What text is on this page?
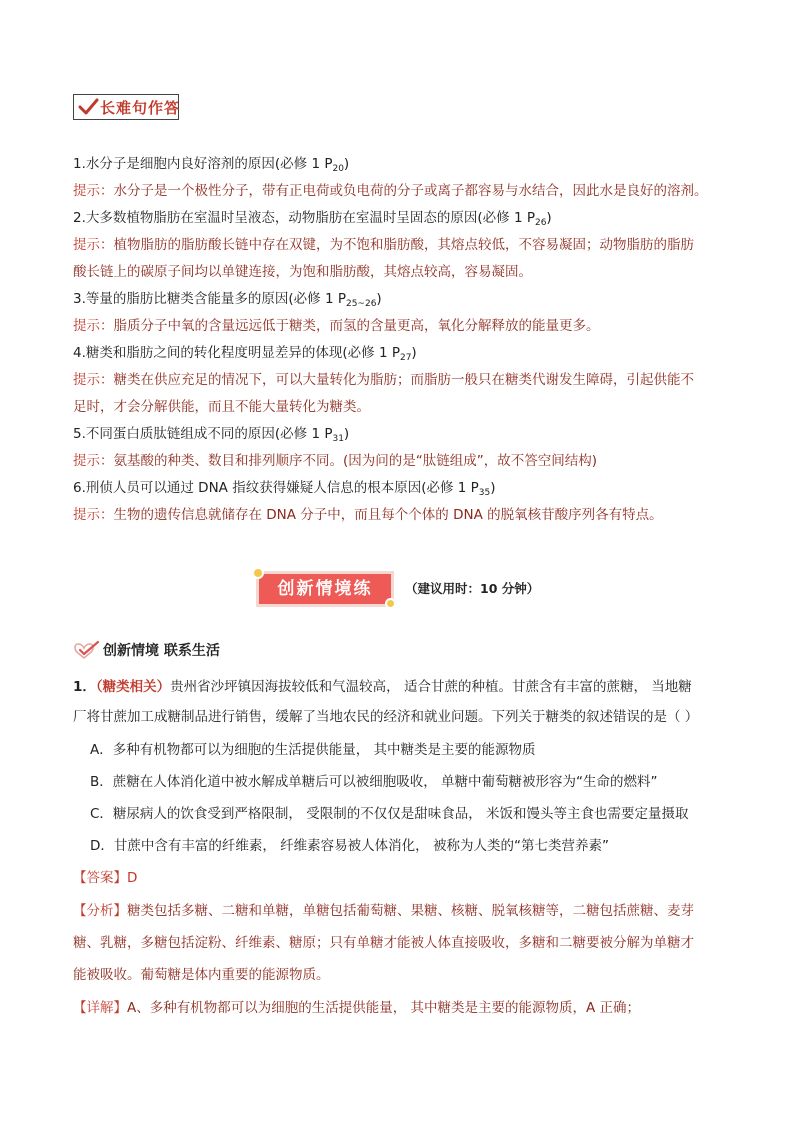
长难句作答
1.水分子是细胞内良好溶剂的原因(必修 1 $P_{20}$)
提示：水分子是一个极性分子，带有正电荷或负电荷的分子或离子都容易与水结合，因此水是良好的溶剂。
2.大多数植物脂肪在室温时呈液态，动物脂肪在室温时呈固态的原因(必修 1 $P_{26}$)
提示：植物脂肪的脂肪酸长链中存在双键，为不饱和脂肪酸，其熔点较低，不容易凝固；动物脂肪的脂肪
酸长链上的碳原子间均以单键连接，为饱和脂肪酸，其熔点较高，容易凝固。
3.等量的脂肪比糖类含能量多的原因(必修 1 $P_{25\sim 26}$)
提示：脂质分子中氧的含量远远低于糖类，而氢的含量更高，氧化分解释放的能量更多。
4.糖类和脂肪之间的转化程度明显差异的体现(必修 1 $P_{27}$)
提示：糖类在供应充足的情况下，可以大量转化为脂肪；而脂肪一般只在糖类代谢发生障碍，引起供能不
足时，才会分解供能，而且不能大量转化为糖类。
5.不同蛋白质肽链组成不同的原因(必修 1 $P_{31}$)
提示：氨基酸的种类、数目和排列顺序不同。(因为问的是“肽链组成”，故不答空间结构)
6.刑侦人员可以通过 DNA 指纹获得嫌疑人信息的根本原因(必修 1 $P_{35}$)
提示：生物的遗传信息就储存在 DNA 分子中，而且每个个体的 DNA 的脱氧核苷酸序列各有特点。
创新情境练	（建议用时：10 分钟）
创新情境 联系生活
1．（糖类相关）贵州省沙坪镇因海拔较低和气温较高， 适合甘蔗的种植。甘蔗含有丰富的蔗糖， 当地糖
厂将甘蔗加工成糖制品进行销售，缓解了当地农民的经济和就业问题。下列关于糖类的叙述错误的是（ ）
A．多种有机物都可以为细胞的生活提供能量， 其中糖类是主要的能源物质
B．蔗糖在人体消化道中被水解成单糖后可以被细胞吸收， 单糖中葡萄糖被形容为“生命的燃料”
C．糖尿病人的饮食受到严格限制， 受限制的不仅仅是甜味食品， 米饭和馒头等主食也需要定量摄取
D．甘蔗中含有丰富的纤维素， 纤维素容易被人体消化， 被称为人类的“第七类营养素”
【答案】D
【分析】糖类包括多糖、二糖和单糖，单糖包括葡萄糖、果糖、核糖、脱氧核糖等，二糖包括蔗糖、麦芽
糖、乳糖，多糖包括淀粉、纤维素、糖原；只有单糖才能被人体直接吸收，多糖和二糖要被分解为单糖才
能被吸收。葡萄糖是体内重要的能源物质。
【详解】A、多种有机物都可以为细胞的生活提供能量， 其中糖类是主要的能源物质，A 正确；
